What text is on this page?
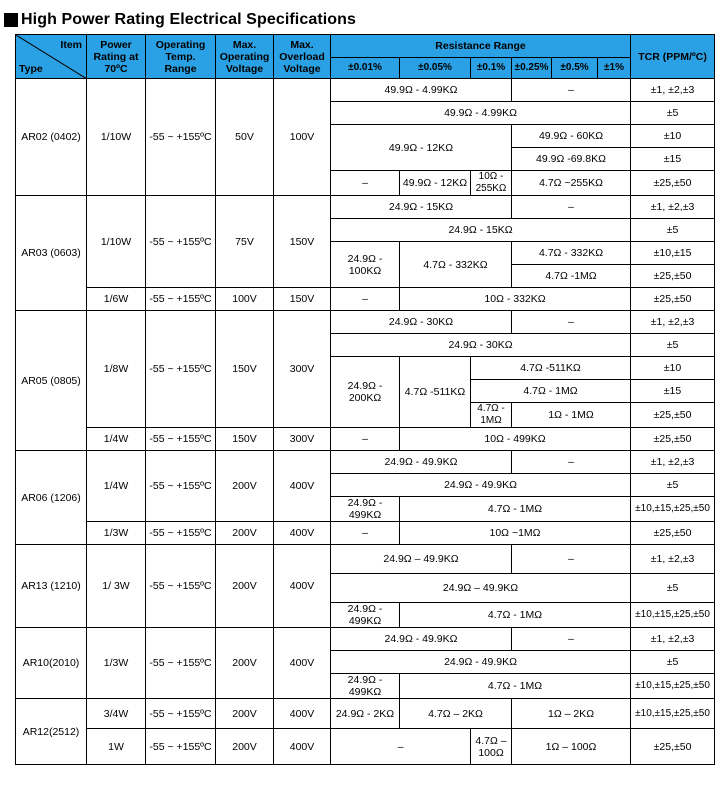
High Power Rating Electrical Specifications
Item
Type	Power Rating at 70ºC	Operating Temp. Range	Max. Operating Voltage	Max. Overload Voltage	Resistance Range						TCR (PPM/ºC)
					±0.01%	±0.05%	±0.1%	±0.25%	±0.5%	±1%	
AR02 (0402)	1/10W	-55 ~ +155ºC	50V	100V	49.9Ω - 4.99KΩ			–			±1, ±2,±3
					49.9Ω - 4.99KΩ						±5
					49.9Ω - 12KΩ			49.9Ω - 60KΩ			±10
								49.9Ω -69.8KΩ			±15
					–	49.9Ω - 12KΩ	10Ω - 255KΩ	4.7Ω ~255KΩ			±25,±50
AR03 (0603)	1/10W	-55 ~ +155ºC	75V	150V	24.9Ω - 15KΩ			–			±1, ±2,±3
					24.9Ω - 15KΩ						±5
					24.9Ω - 100KΩ	4.7Ω - 332KΩ		4.7Ω - 332KΩ			±10,±15
								4.7Ω -1MΩ			±25,±50
	1/6W	-55 ~ +155ºC	100V	150V	–	10Ω - 332KΩ					±25,±50
AR05 (0805)	1/8W	-55 ~ +155ºC	150V	300V	24.9Ω - 30KΩ			–			±1, ±2,±3
					24.9Ω - 30KΩ						±5
					24.9Ω - 200KΩ	4.7Ω -511KΩ	4.7Ω -511KΩ				±10
							4.7Ω - 1MΩ				±15
							4.7Ω - 1MΩ	1Ω - 1MΩ			±25,±50
	1/4W	-55 ~ +155ºC	150V	300V	–	10Ω - 499KΩ					±25,±50
AR06 (1206)	1/4W	-55 ~ +155ºC	200V	400V	24.9Ω - 49.9KΩ			–			±1, ±2,±3
					24.9Ω - 49.9KΩ						±5
					24.9Ω - 499KΩ	4.7Ω - 1MΩ					±10,±15,±25,±50
	1/3W	-55 ~ +155ºC	200V	400V	–	10Ω ~1MΩ					±25,±50
AR13 (1210)	1/ 3W	-55 ~ +155ºC	200V	400V	24.9Ω – 49.9KΩ			–			±1, ±2,±3
					24.9Ω – 49.9KΩ						±5
					24.9Ω - 499KΩ	4.7Ω - 1MΩ					±10,±15,±25,±50
AR10(2010)	1/3W	-55 ~ +155ºC	200V	400V	24.9Ω - 49.9KΩ			–			±1, ±2,±3
					24.9Ω - 49.9KΩ						±5
					24.9Ω - 499KΩ	4.7Ω - 1MΩ					±10,±15,±25,±50
AR12(2512)	3/4W	-55 ~ +155ºC	200V	400V	24.9Ω - 2KΩ	4.7Ω – 2KΩ		1Ω – 2KΩ			±10,±15,±25,±50
	1W	-55 ~ +155ºC	200V	400V	–		4.7Ω – 100Ω	1Ω – 100Ω			±25,±50
